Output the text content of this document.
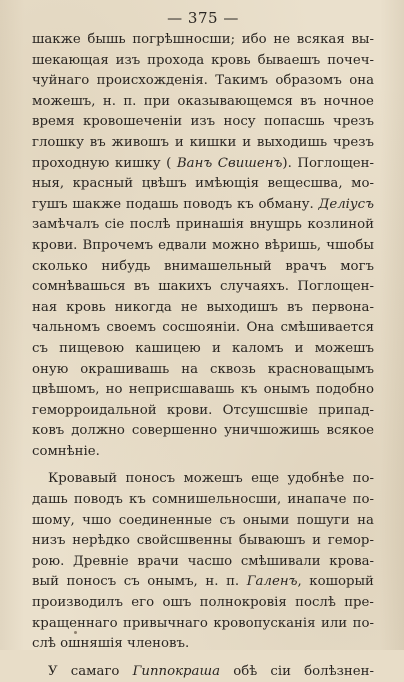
— 375 —
шакже бышь погрѣшносши; ибо не всякая вы-
шекающая изъ прохода кровь бываешъ почеч-
чуйнаго происхожденія. Такимъ образомъ она
можешъ, н. п. при оказывающемся въ ночное
время кровошеченіи изъ носу попасшь чрезъ
глошку въ живошъ и кишки и выходишь чрезъ
проходную кишку ( Ванъ Свишенъ). Поглощен-
ныя, красный цвѣшъ имѣющія вещесшва, мо-
гушъ шакже подашь поводъ къ обману. Делiусъ
замѣчалъ сіе послѣ принашія внушрь козлиной
крови. Впрочемъ едвали можно вѣришь, чшобы
сколько нибудь внимашельный врачъ могъ
сомнѣвашься въ шакихъ случаяхъ. Поглощен-
ная кровь никогда не выходишъ въ первона-
чальномъ своемъ сосшояніи. Она смѣшивается
съ пищевою кашицею и каломъ и можешъ
оную окрашивашь на сквозь красноващымъ
цвѣшомъ, но неприсшавашь къ онымъ подобно
геморроидальной крови. Отсушсшвіе припад-
ковъ должно совершенно уничшожишь всякое
сомнѣніе.
Кровавый поносъ можешъ еще удобнѣе по-
дашь поводъ къ сомнишельносши, инапаче по-
шому, чшо соединенные съ оными пошуги на
низъ нерѣдко свойсшвенны бываюшъ и гемор-
рою. Древніе врачи часшо смѣшивали крова-
вый поносъ съ онымъ, н. п. Галенъ, кошорый
производилъ его ошъ полнокровія послѣ пре-
кращеннаго привычнаго кровопусканія или по-
слѣ ошняшія членовъ.
У самаго Гиппокраша обѣ сіи болѣзнен-
